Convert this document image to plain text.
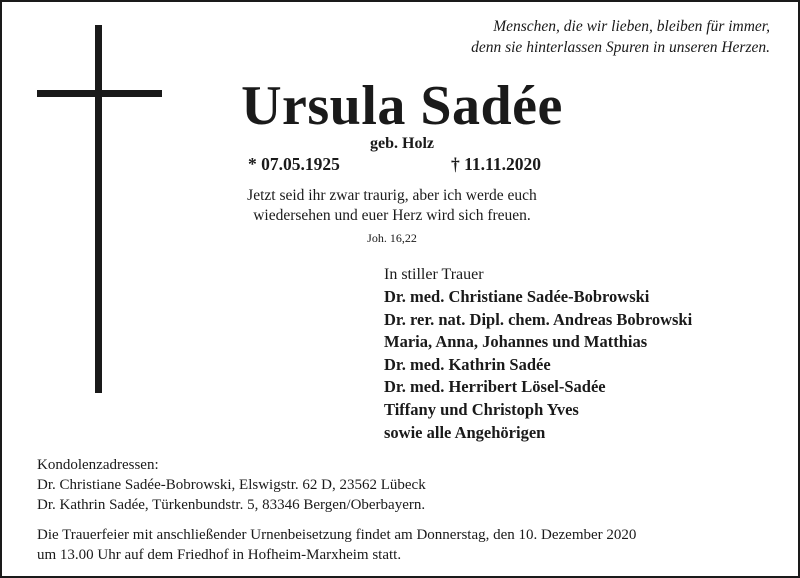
Menschen, die wir lieben, bleiben für immer,
denn sie hinterlassen Spuren in unseren Herzen.
Ursula Sadée
geb. Holz
* 07.05.1925	† 11.11.2020
Jetzt seid ihr zwar traurig, aber ich werde euch
wiedersehen und euer Herz wird sich freuen.
Joh. 16,22
In stiller Trauer
Dr. med. Christiane Sadée-Bobrowski
Dr. rer. nat. Dipl. chem. Andreas Bobrowski
Maria, Anna, Johannes und Matthias
Dr. med. Kathrin Sadée
Dr. med. Herribert Lösel-Sadée
Tiffany und Christoph Yves
sowie alle Angehörigen
Kondolenzadressen:
Dr. Christiane Sadée-Bobrowski, Elswigstr. 62 D, 23562 Lübeck
Dr. Kathrin Sadée, Türkenbundstr. 5, 83346 Bergen/Oberbayern.
Die Trauerfeier mit anschließender Urnenbeisetzung findet am Donnerstag, den 10. Dezember 2020
um 13.00 Uhr auf dem Friedhof in Hofheim-Marxheim statt.
